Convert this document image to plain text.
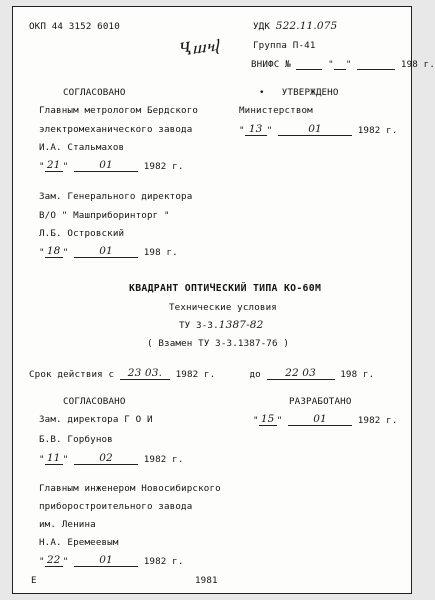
ОКП 44 3152 6010
Ⴁⴍⴏ
УДК 522.11.075
Группа П-41
ВНИФС №	" "	198 г.
СОГЛАСОВАНО
Главным метрологом Бердского
электромеханического завода
И.А. Стальмахов
" 21 " 01	1982 г.
• УТВЕРЖДЕНО
Министерством
" 13 "	01	1982 г.
Зам. Генерального директора
В/О " Машприборинторг "
Л.Б. Островский
" 18 " 01	198 г.
КВАДРАНТ ОПТИЧЕСКИЙ ТИПА КО-60М
Технические условия
ТУ 3-3.1387-82
( Взамен ТУ 3-3.1387-76 )
Срок действия с 23 03. 1982 г.	до 22 03	198 г.
СОГЛАСОВАНО
Зам. директора Г О И
Б.В. Горбунов
" 11 " 02	1982 г.
РАЗРАБОТАНО
" 15 " 01	1982 г.
Главным инженером Новосибирского
приборостроительного завода
им. Ленина
Н.А. Еремеевым
" 22 " 01	1982 г.
Е	1981
